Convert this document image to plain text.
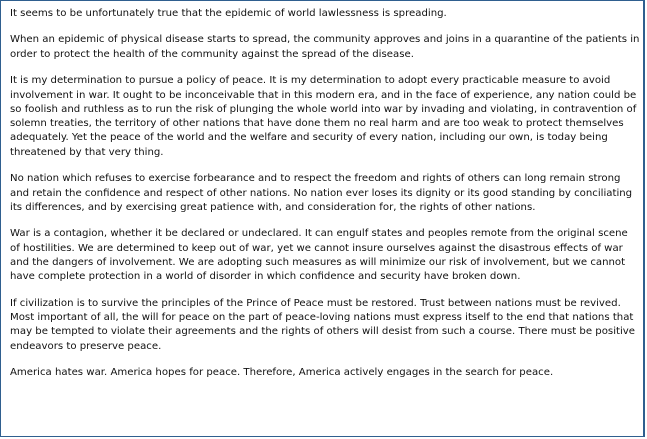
It seems to be unfortunately true that the epidemic of world lawlessness is spreading.

When an epidemic of physical disease starts to spread, the community approves and joins in a quarantine of the patients in order to protect the health of the community against the spread of the disease.

It is my determination to pursue a policy of peace. It is my determination to adopt every practicable measure to avoid involvement in war. It ought to be inconceivable that in this modern era, and in the face of experience, any nation could be so foolish and ruthless as to run the risk of plunging the whole world into war by invading and violating, in contravention of solemn treaties, the territory of other nations that have done them no real harm and are too weak to protect themselves adequately. Yet the peace of the world and the welfare and security of every nation, including our own, is today being threatened by that very thing.

No nation which refuses to exercise forbearance and to respect the freedom and rights of others can long remain strong and retain the confidence and respect of other nations. No nation ever loses its dignity or its good standing by conciliating its differences, and by exercising great patience with, and consideration for, the rights of other nations.

War is a contagion, whether it be declared or undeclared. It can engulf states and peoples remote from the original scene of hostilities. We are determined to keep out of war, yet we cannot insure ourselves against the disastrous effects of war and the dangers of involvement. We are adopting such measures as will minimize our risk of involvement, but we cannot have complete protection in a world of disorder in which confidence and security have broken down.

If civilization is to survive the principles of the Prince of Peace must be restored. Trust between nations must be revived. Most important of all, the will for peace on the part of peace-loving nations must express itself to the end that nations that may be tempted to violate their agreements and the rights of others will desist from such a course. There must be positive endeavors to preserve peace.

America hates war. America hopes for peace. Therefore, America actively engages in the search for peace.
